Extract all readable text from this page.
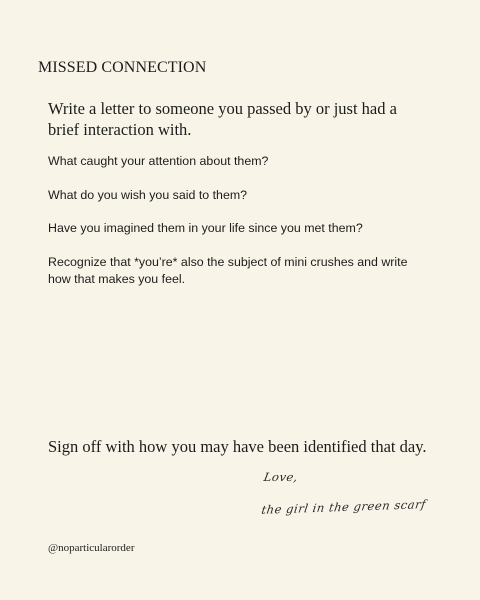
MISSED CONNECTION
Write a letter to someone you passed by or just had a brief interaction with.
What caught your attention about them?
What do you wish you said to them?
Have you imagined them in your life since you met them?
Recognize that *you’re* also the subject of mini crushes and write how that makes you feel.
Sign off with how you may have been identified that day.
Love,
the girl in the green scarf
@noparticularorder
